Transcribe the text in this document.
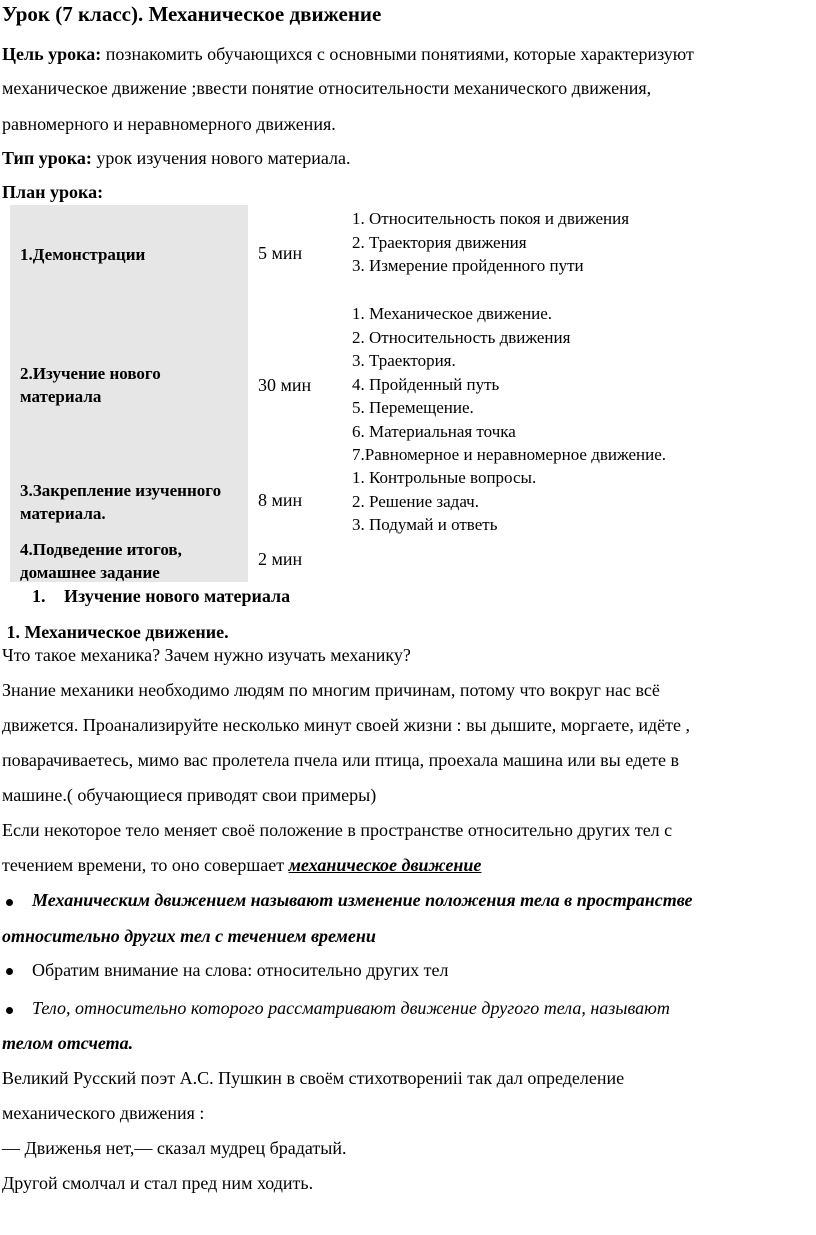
Урок (7 класс). Механическое движение
Цель урока: познакомить обучающихся с основными понятиями, которые характеризуют
механическое движение ;ввести понятие относительности механического движения,
равномерного и неравномерного движения.
Тип урока: урок изучения нового материала.
План урока:
1.Демонстрации	5 мин
1. Относительность покоя и движения
2. Траектория движения
3. Измерение пройденного пути
2.Изучение нового материала
30 мин
1. Механическое движение.
2. Относительность движения
3. Траектория.
4. Пройденный путь
5. Перемещение.
6. Материальная точка
7.Равномерное и неравномерное движение.
3.Закрепление изученного материала.
8 мин
1. Контрольные вопросы.
2. Решение задач.
3. Подумай и ответь
4.Подведение итогов, домашнее задание
2 мин
1. Изучение нового материала
1. Механическое движение.
Что такое механика? Зачем нужно изучать механику?
Знание механики необходимо людям по многим причинам, потому что вокруг нас всё
движется. Проанализируйте несколько минут своей жизни : вы дышите, моргаете, идёте ,
поварачиваетесь, мимо вас пролетела пчела или птица, проехала машина или вы едете в
машине.( обучающиеся приводят свои примеры)
Если некоторое тело меняет своё положение в пространстве относительно других тел с
течением времени, то оно совершает механическое движение
Механическим движением называют изменение положения тела в пространстве
относительно других тел с течением времени
Обратим внимание на слова: относительно других тел
Тело, относительно которого рассматривают движение другого тела, называют
телом отсчета.
Великий Русский поэт А.С. Пушкин в своём стихотворениіі так дал определение
механического движения :
— Движенья нет,— сказал мудрец брадатый.
Другой смолчал и стал пред ним ходить.
